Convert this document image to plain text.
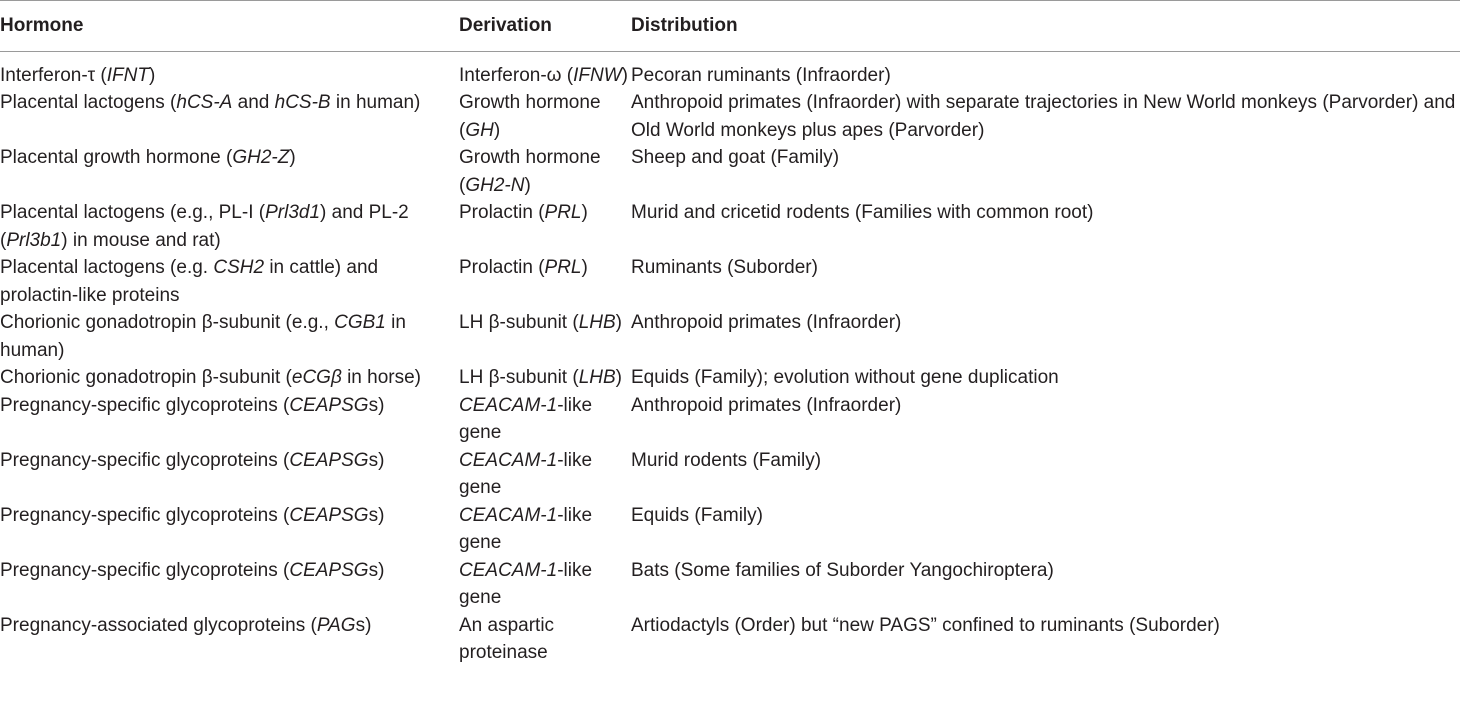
Hormone	Derivation	Distribution
Interferon-τ (IFNT)	Interferon-ω (IFNW)	Pecoran ruminants (Infraorder)
Placental lactogens (hCS-A and hCS-B in human)	Growth hormone (GH)	Anthropoid primates (Infraorder) with separate trajectories in New World monkeys (Parvorder) and Old World monkeys plus apes (Parvorder)
Placental growth hormone (GH2-Z)	Growth hormone (GH2-N)	Sheep and goat (Family)
Placental lactogens (e.g., PL-I (Prl3d1) and PL-2 (Prl3b1) in mouse and rat)	Prolactin (PRL)	Murid and cricetid rodents (Families with common root)
Placental lactogens (e.g. CSH2 in cattle) and prolactin-like proteins	Prolactin (PRL)	Ruminants (Suborder)
Chorionic gonadotropin β-subunit (e.g., CGB1 in human)	LH β-subunit (LHB)	Anthropoid primates (Infraorder)
Chorionic gonadotropin β-subunit (eCGβ in horse)	LH β-subunit (LHB)	Equids (Family); evolution without gene duplication
Pregnancy-specific glycoproteins (CEAPSGs)	CEACAM-1-like gene	Anthropoid primates (Infraorder)
Pregnancy-specific glycoproteins (CEAPSGs)	CEACAM-1-like gene	Murid rodents (Family)
Pregnancy-specific glycoproteins (CEAPSGs)	CEACAM-1-like gene	Equids (Family)
Pregnancy-specific glycoproteins (CEAPSGs)	CEACAM-1-like gene	Bats (Some families of Suborder Yangochiroptera)
Pregnancy-associated glycoproteins (PAGs)	An aspartic proteinase	Artiodactyls (Order) but “new PAGS” confined to ruminants (Suborder)
